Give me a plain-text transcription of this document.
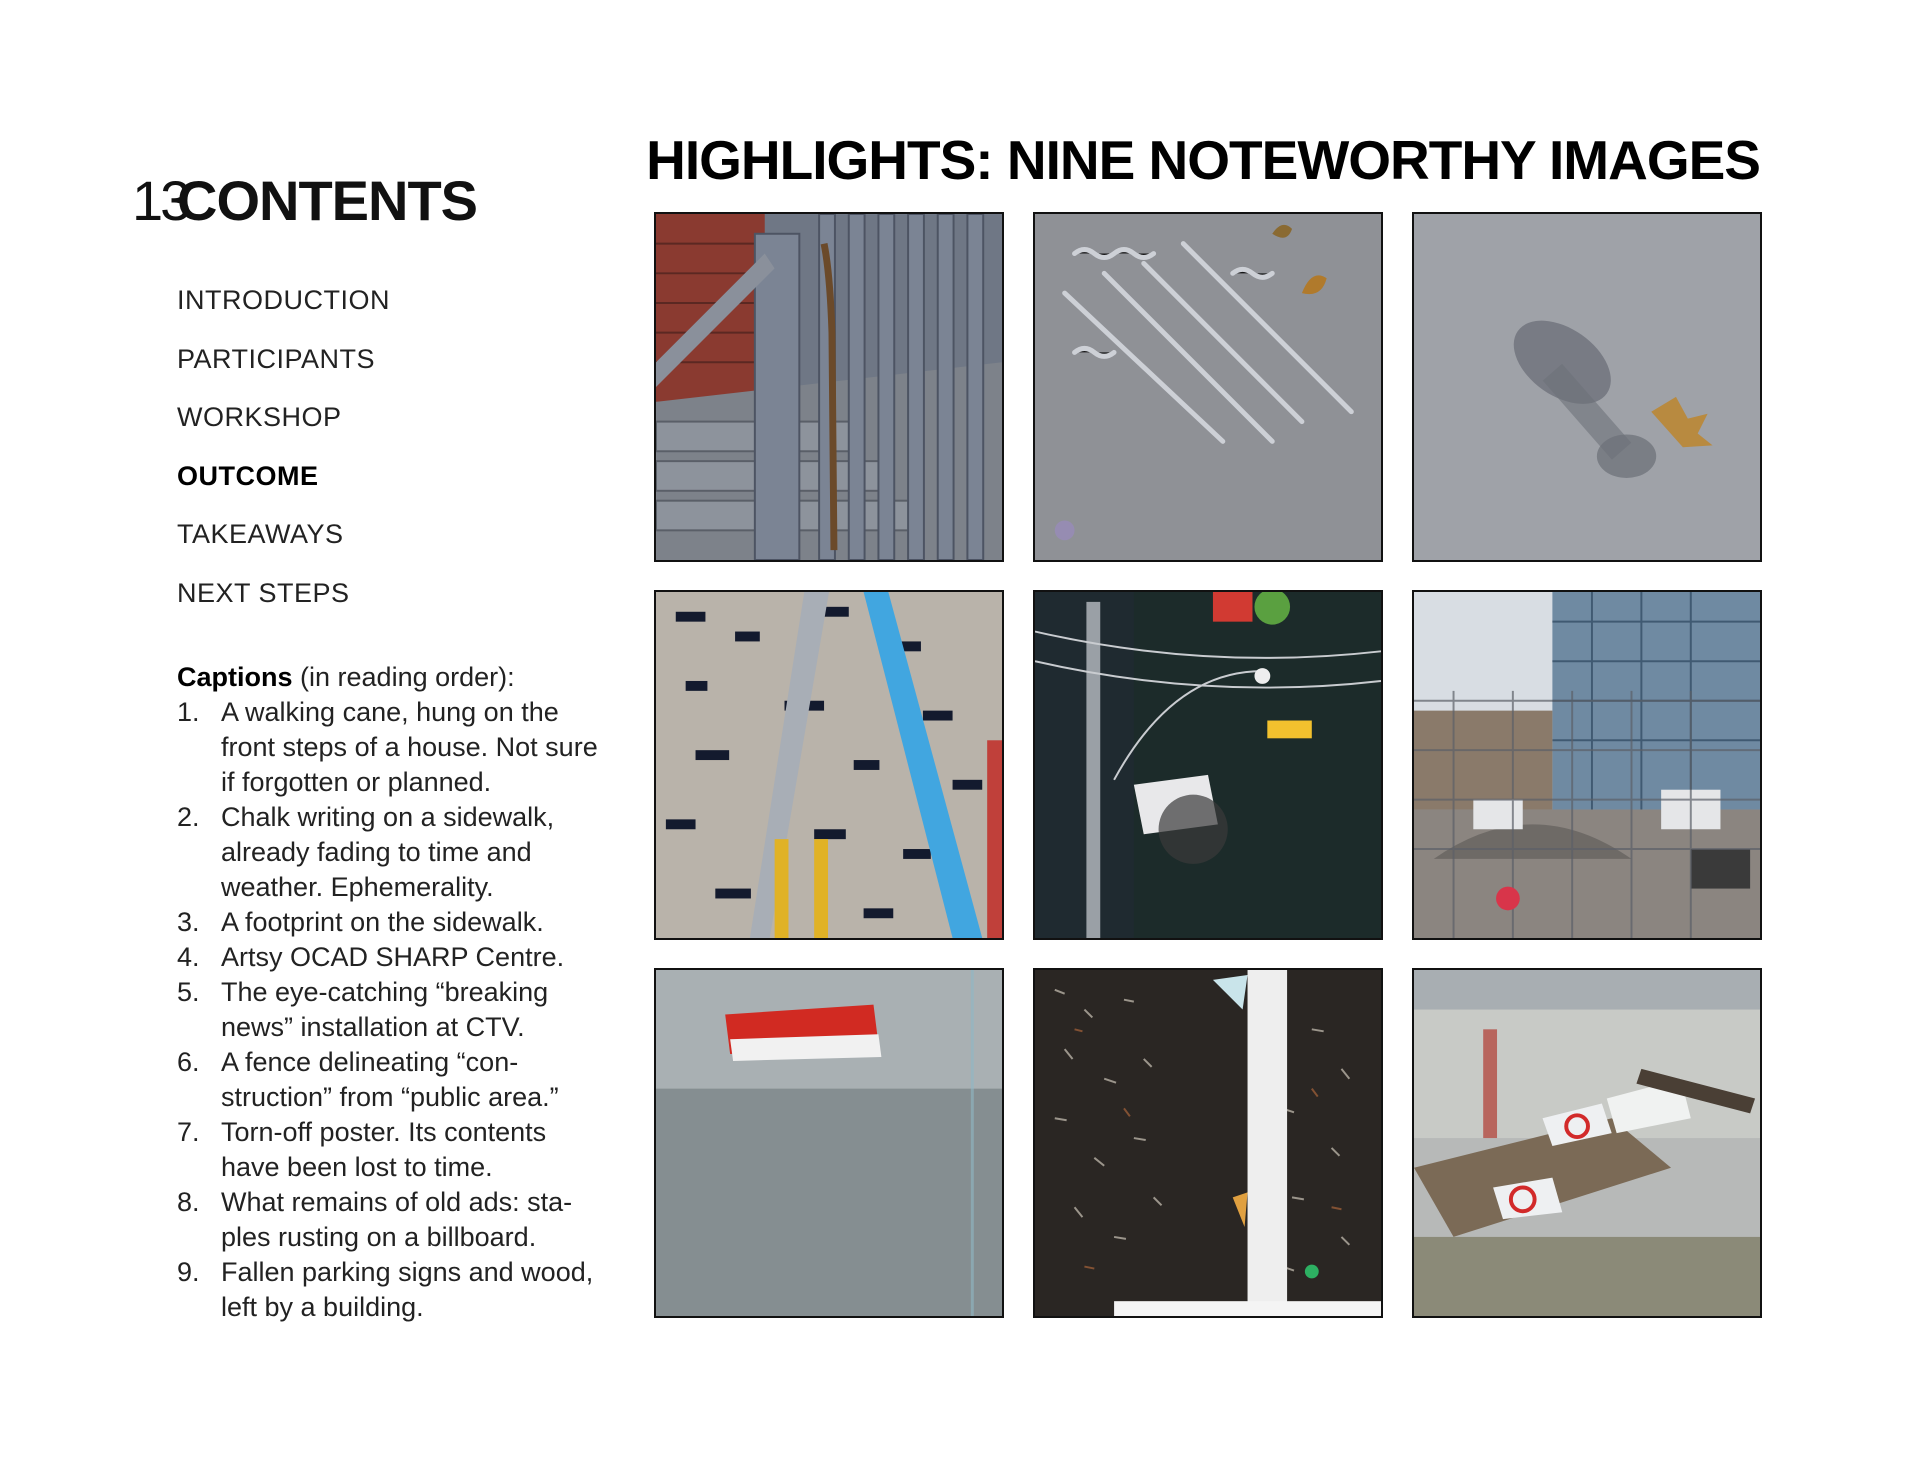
13
CONTENTS
INTRODUCTION
PARTICIPANTS
WORKSHOP
OUTCOME
TAKEAWAYS
NEXT STEPS
Captions (in reading order):
1. A walking cane, hung on the front steps of a house. Not sure if forgotten or planned.
2. Chalk writing on a sidewalk, already fading to time and weather. Ephemerality.
3. A footprint on the sidewalk.
4. Artsy OCAD SHARP Centre.
5. The eye-catching “breaking news” installation at CTV.
6. A fence delineating “con-struction” from “public area.”
7. Torn-off poster. Its contents have been lost to time.
8. What remains of old ads: sta-ples rusting on a billboard.
9. Fallen parking signs and wood, left by a building.
HIGHLIGHTS: NINE NOTEWORTHY IMAGES
